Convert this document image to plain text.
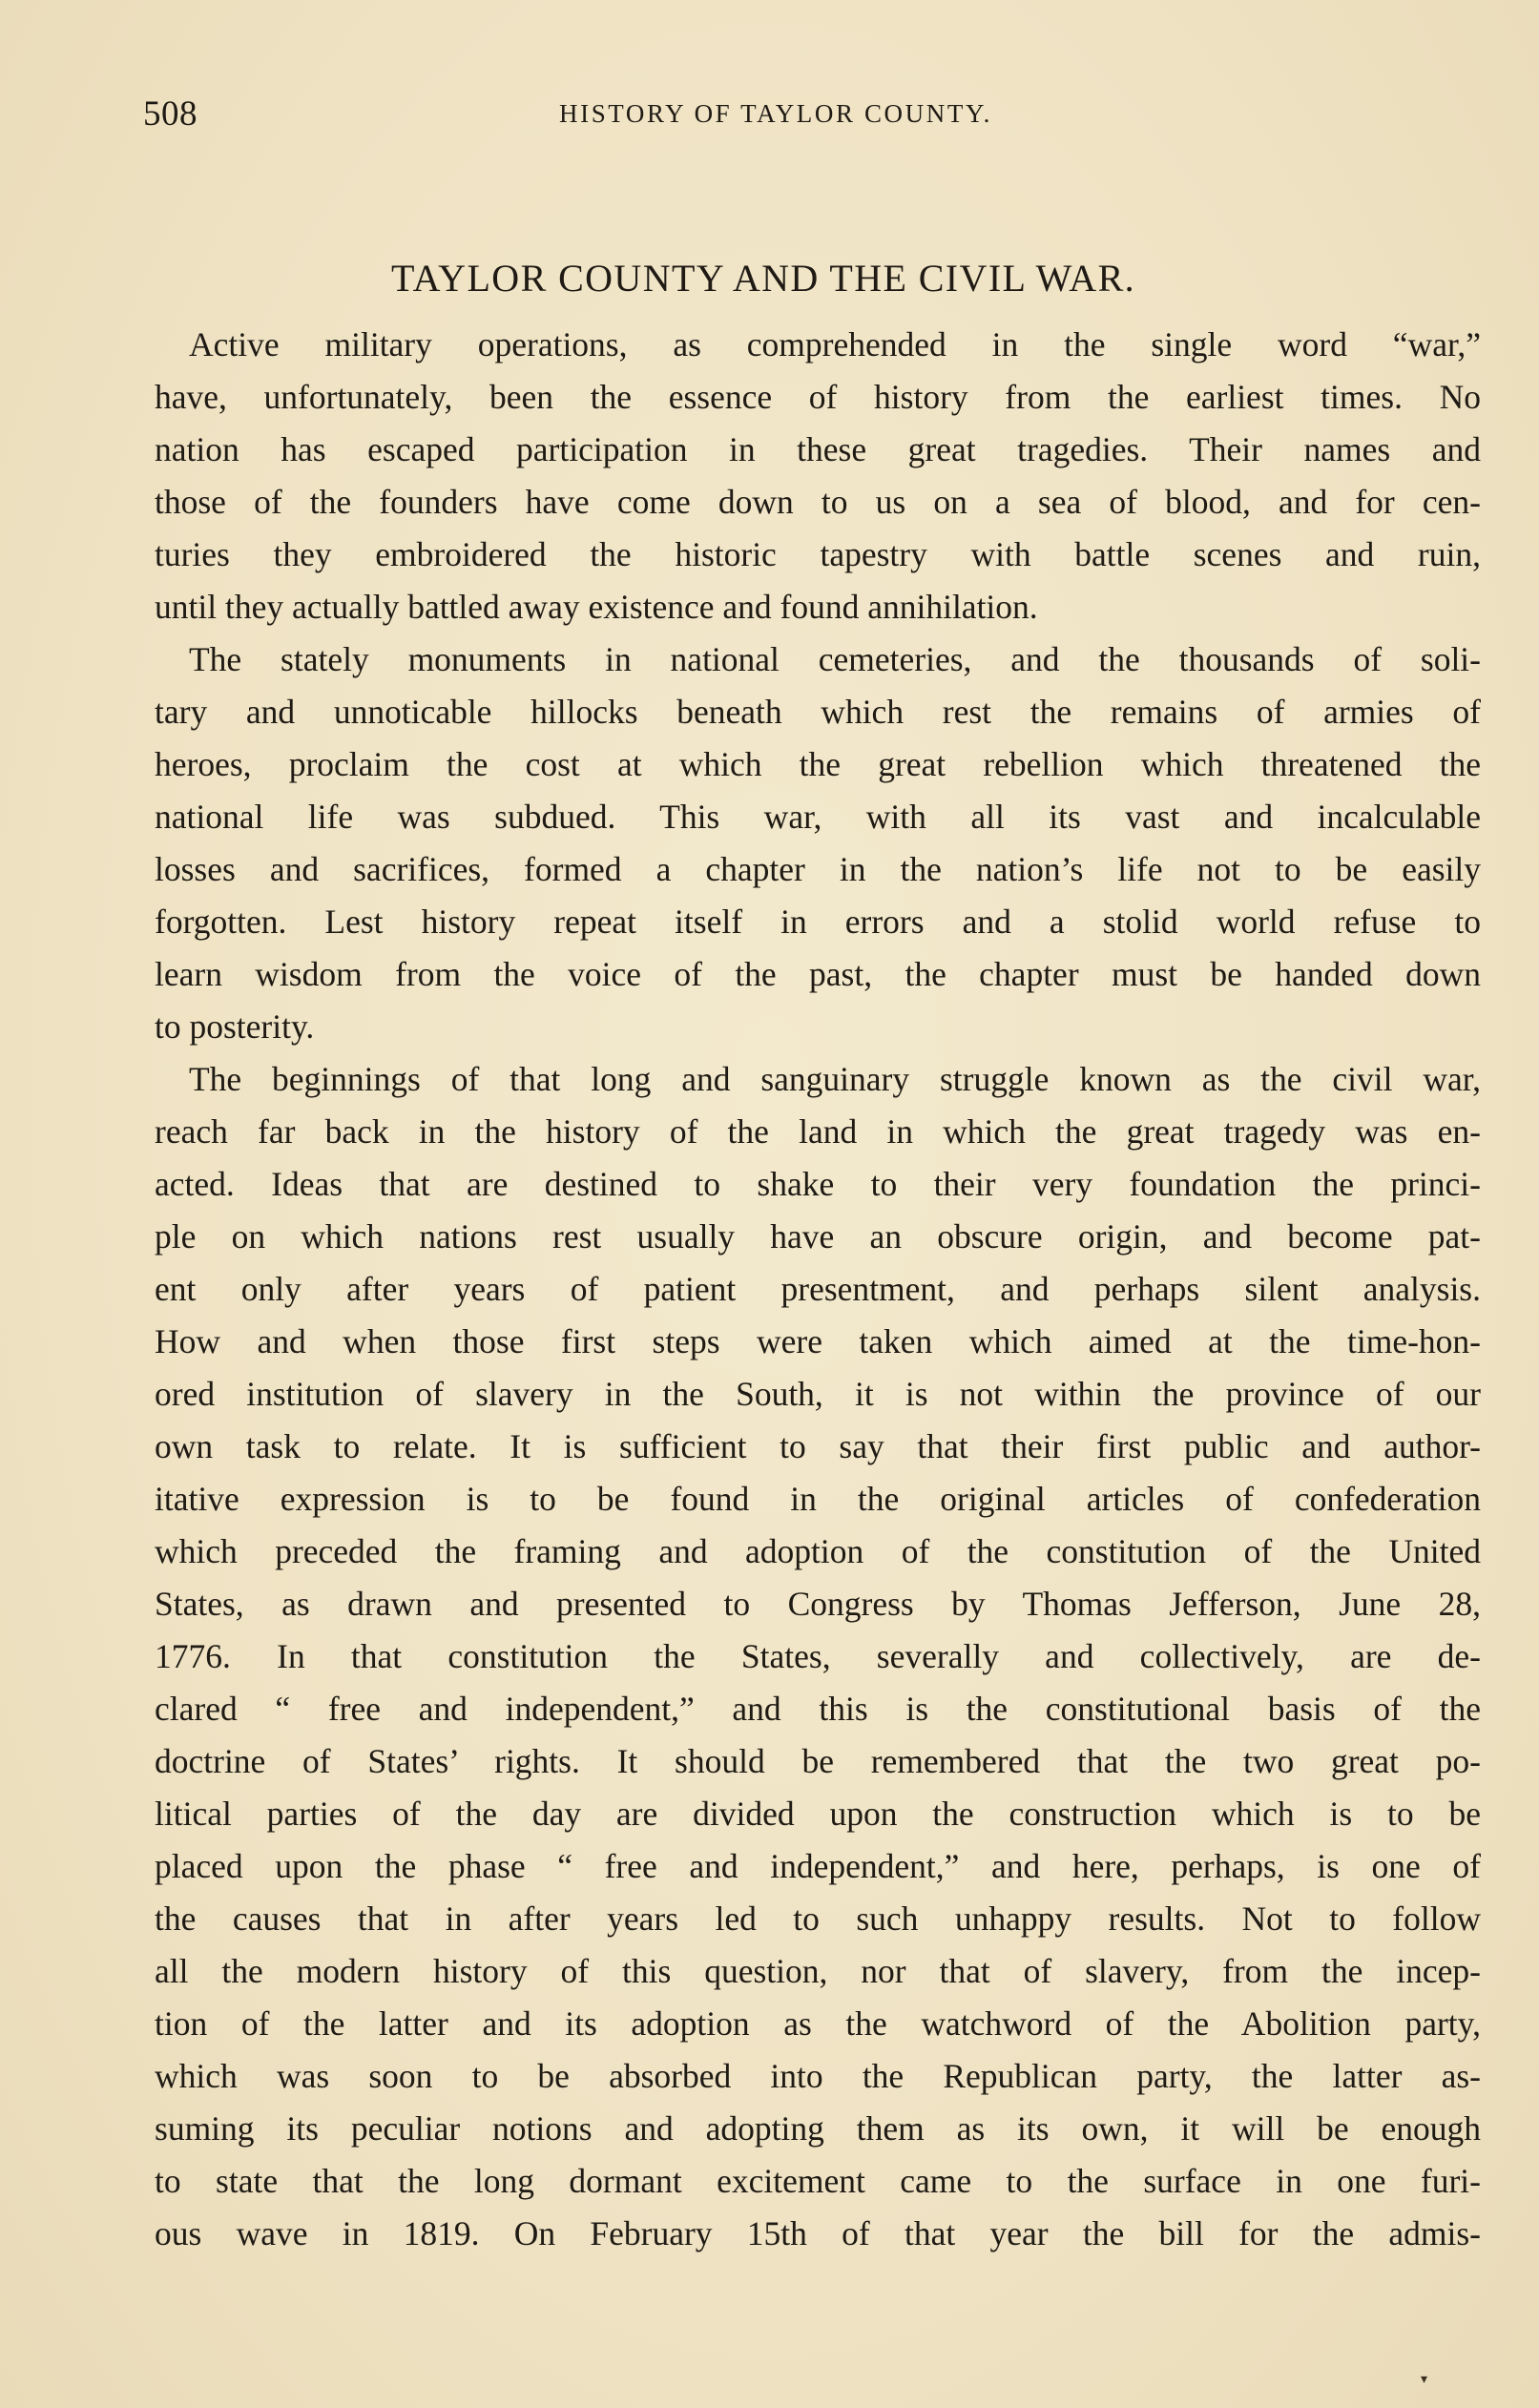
508	HISTORY OF TAYLOR COUNTY.
TAYLOR COUNTY AND THE CIVIL WAR.
Active military operations, as comprehended in the single word “war,”
have, unfortunately, been the essence of history from the earliest times. No
nation has escaped participation in these great tragedies. Their names and
those of the founders have come down to us on a sea of blood, and for cen-
turies they embroidered the historic tapestry with battle scenes and ruin,
until they actually battled away existence and found annihilation.
The stately monuments in national cemeteries, and the thousands of soli-
tary and unnoticable hillocks beneath which rest the remains of armies of
heroes, proclaim the cost at which the great rebellion which threatened the
national life was subdued. This war, with all its vast and incalculable
losses and sacrifices, formed a chapter in the nation’s life not to be easily
forgotten. Lest history repeat itself in errors and a stolid world refuse to
learn wisdom from the voice of the past, the chapter must be handed down
to posterity.
The beginnings of that long and sanguinary struggle known as the civil war,
reach far back in the history of the land in which the great tragedy was en-
acted. Ideas that are destined to shake to their very foundation the princi-
ple on which nations rest usually have an obscure origin, and become pat-
ent only after years of patient presentment, and perhaps silent analysis.
How and when those first steps were taken which aimed at the time-hon-
ored institution of slavery in the South, it is not within the province of our
own task to relate. It is sufficient to say that their first public and author-
itative expression is to be found in the original articles of confederation
which preceded the framing and adoption of the constitution of the United
States, as drawn and presented to Congress by Thomas Jefferson, June 28,
1776. In that constitution the States, severally and collectively, are de-
clared “ free and independent,” and this is the constitutional basis of the
doctrine of States’ rights. It should be remembered that the two great po-
litical parties of the day are divided upon the construction which is to be
placed upon the phase “ free and independent,” and here, perhaps, is one of
the causes that in after years led to such unhappy results. Not to follow
all the modern history of this question, nor that of slavery, from the incep-
tion of the latter and its adoption as the watchword of the Abolition party,
which was soon to be absorbed into the Republican party, the latter as-
suming its peculiar notions and adopting them as its own, it will be enough
to state that the long dormant excitement came to the surface in one furi-
ous wave in 1819. On February 15th of that year the bill for the admis-
▾
